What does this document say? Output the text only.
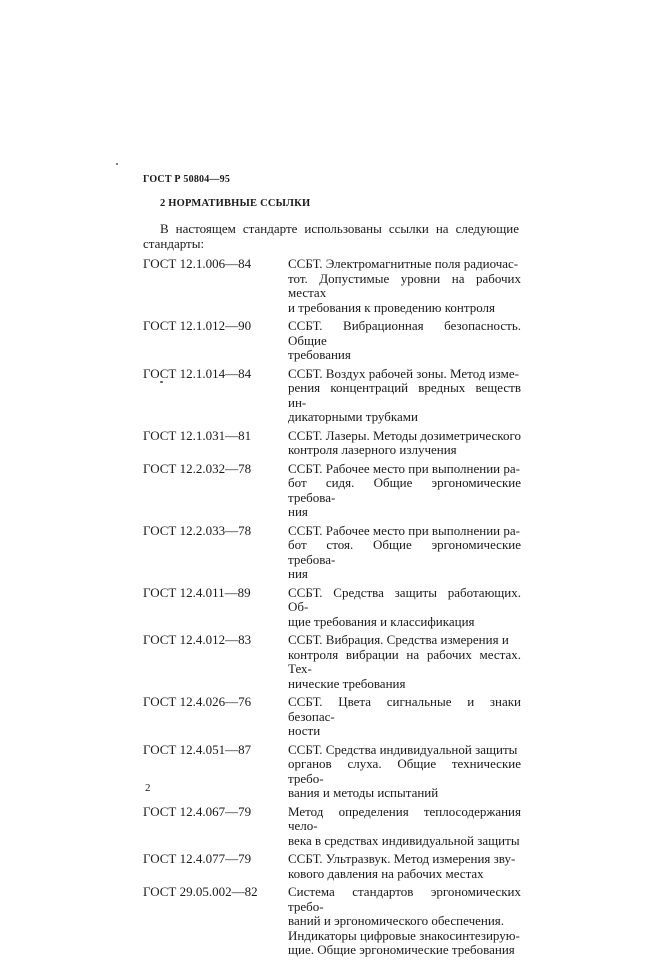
ГОСТ Р 50804—95
2 НОРМАТИВНЫЕ ССЫЛКИ
В настоящем стандарте использованы ссылки на следующие стандарты:
ГОСТ 12.1.006—84	ССБТ. Электромагнитные поля радиочас-
тот. Допустимые уровни на рабочих местах
и требования к проведению контроля
ГОСТ 12.1.012—90	ССБТ. Вибрационная безопасность. Общие
требования
ГОСТ 12.1.014—84	ССБТ. Воздух рабочей зоны. Метод изме-
рения концентраций вредных веществ ин-
дикаторными трубками
ГОСТ 12.1.031—81	ССБТ. Лазеры. Методы дозиметрического
контроля лазерного излучения
ГОСТ 12.2.032—78	ССБТ. Рабочее место при выполнении ра-
бот сидя. Общие эргономические требова-
ния
ГОСТ 12.2.033—78	ССБТ. Рабочее место при выполнении ра-
бот стоя. Общие эргономические требова-
ния
ГОСТ 12.4.011—89	ССБТ. Средства защиты работающих. Об-
щие требования и классификация
ГОСТ 12.4.012—83	ССБТ. Вибрация. Средства измерения и
контроля вибрации на рабочих местах. Тех-
нические требования
ГОСТ 12.4.026—76	ССБТ. Цвета сигнальные и знаки безопас-
ности
ГОСТ 12.4.051—87	ССБТ. Средства индивидуальной защиты
органов слуха. Общие технические требо-
вания и методы испытаний
ГОСТ 12.4.067—79	Метод определения теплосодержания чело-
века в средствах индивидуальной защиты
ГОСТ 12.4.077—79	ССБТ. Ультразвук. Метод измерения зву-
кового давления на рабочих местах
ГОСТ 29.05.002—82	Система стандартов эргономических требо-
ваний и эргономического обеспечения.
Индикаторы цифровые знакосинтезирую-
щие. Общие эргономические требования
2
